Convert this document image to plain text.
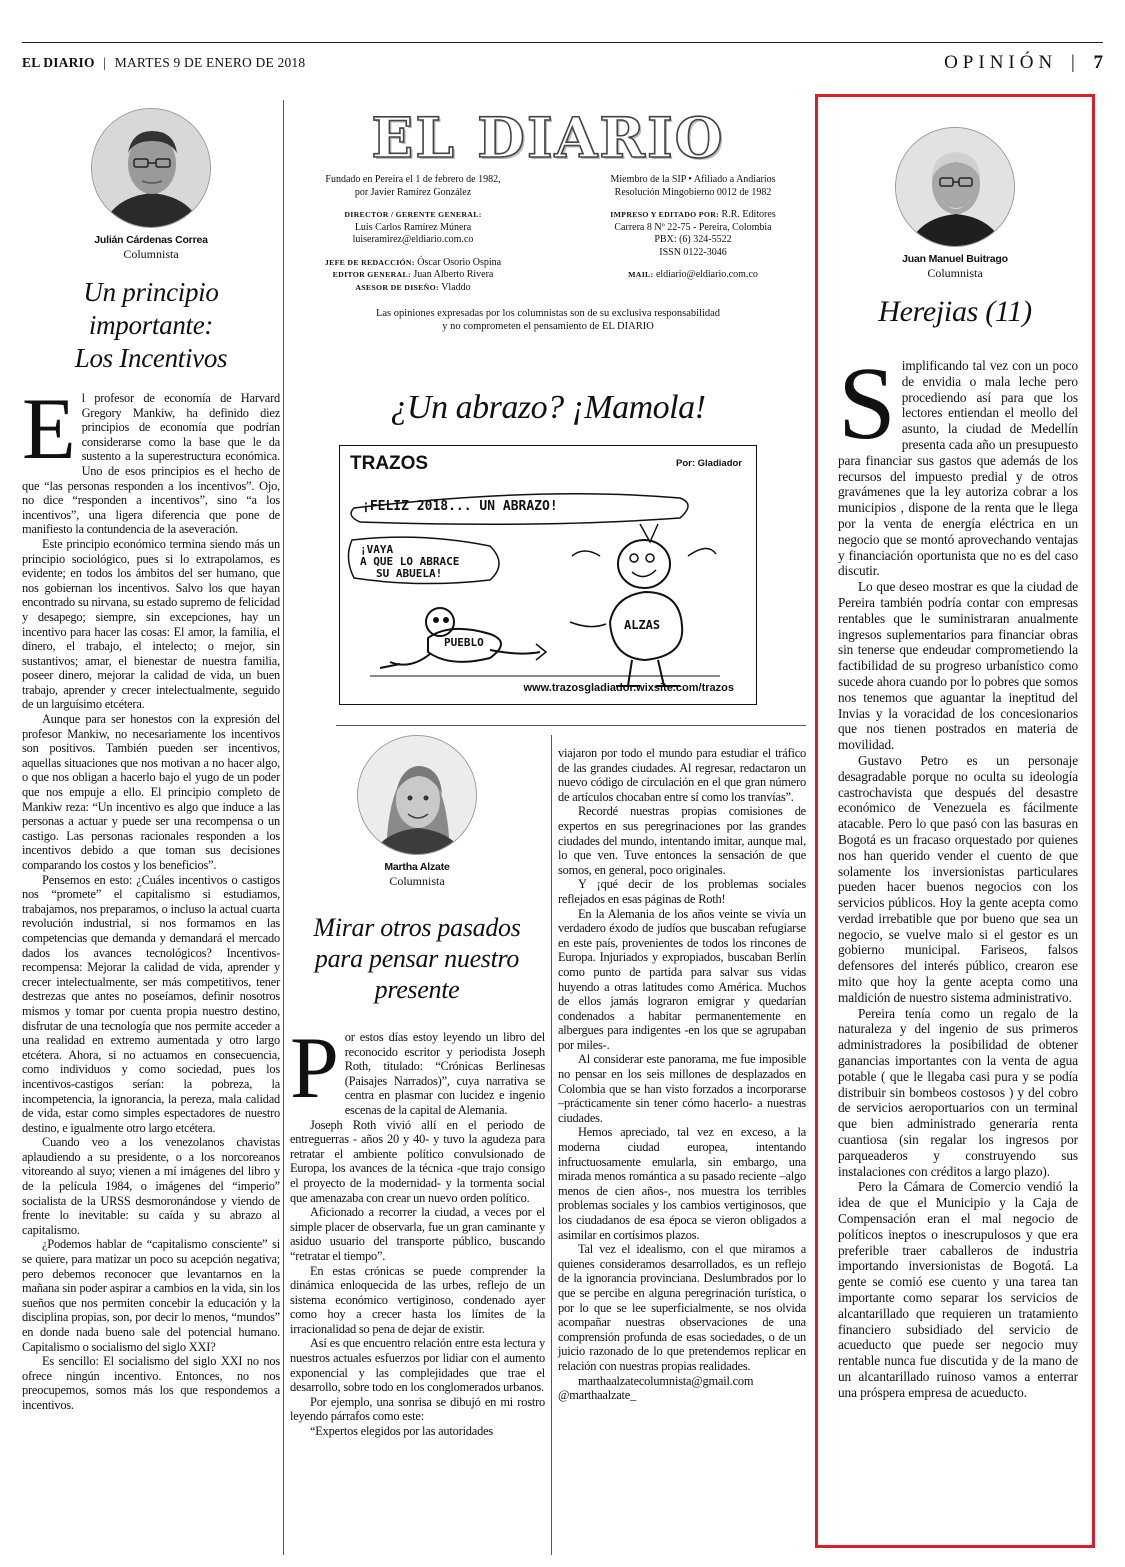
EL DIARIO | MARTES 9 DE ENERO DE 2018	OPINIÓN | 7
Julián Cárdenas Correa
Columnista
Un principio importante:
Los Incentivos
E l profesor de economía de Harvard Gregory Mankiw, ha definido diez principios de economía que podrían considerarse como la base que le da sustento a la superestructura económica. Uno de esos principios es el hecho de que “las personas responden a los incentivos”. Ojo, no dice “responden a incentivos”, sino “a los incentivos”, una ligera diferencia que pone de manifiesto la contundencia de la aseveración.

Este principio económico termina siendo más un principio sociológico, pues si lo extrapolamos, es evidente; en todos los ámbitos del ser humano, que nos gobiernan los incentivos. Salvo los que hayan encontrado su nirvana, su estado supremo de felicidad y desapego; siempre, sin excepciones, hay un incentivo para hacer las cosas: El amor, la familia, el dinero, el trabajo, el intelecto; o mejor, sin sustantivos; amar, el bienestar de nuestra familia, poseer dinero, mejorar la calidad de vida, un buen trabajo, aprender y crecer intelectualmente, seguido de un larguísimo etcétera.

Aunque para ser honestos con la expresión del profesor Mankiw, no necesariamente los incentivos son positivos. También pueden ser incentivos, aquellas situaciones que nos motivan a no hacer algo, o que nos obligan a hacerlo bajo el yugo de un poder que nos empuje a ello. El principio completo de Mankiw reza: “Un incentivo es algo que induce a las personas a actuar y puede ser una recompensa o un castigo. Las personas racionales responden a los incentivos debido a que toman sus decisiones comparando los costos y los beneficios”.

Pensemos en esto: ¿Cuáles incentivos o castigos nos “promete” el capitalismo si estudiamos, trabajamos, nos preparamos, o incluso la actual cuarta revolución industrial, si nos formamos en las competencias que demanda y demandará el mercado dados los avances tecnológicos? Incentivos-recompensa: Mejorar la calidad de vida, aprender y crecer intelectualmente, ser más competitivos, tener destrezas que antes no poseíamos, definir nosotros mismos y tomar por cuenta propia nuestro destino, disfrutar de una tecnología que nos permite acceder a una realidad en extremo aumentada y otro largo etcétera. Ahora, si no actuamos en consecuencia, como individuos y como sociedad, pues los incentivos-castigos serían: la pobreza, la incompetencia, la ignorancia, la pereza, mala calidad de vida, estar como simples espectadores de nuestro destino, e igualmente otro largo etcétera.

Cuando veo a los venezolanos chavistas aplaudiendo a su presidente, o a los norcoreanos vitoreando al suyo; vienen a mí imágenes del libro y de la película 1984, o imágenes del “imperio” socialista de la URSS desmoronándose y viendo de frente lo inevitable: su caída y su abrazo al capitalismo.

¿Podemos hablar de “capitalismo consciente” si se quiere, para matizar un poco su acepción negativa; pero debemos reconocer que levantarnos en la mañana sin poder aspirar a cambios en la vida, sin los sueños que nos permiten concebir la educación y la disciplina propias, son, por decir lo menos, “mundos” en donde nada bueno sale del potencial humano. Capitalismo o socialismo del siglo XXI?

Es sencillo: El socialismo del siglo XXI no nos ofrece ningún incentivo. Entonces, no nos preocupemos, somos más los que respondemos a incentivos.

EL DIARIO
Fundado en Pereira el 1 de febrero de 1982,
por Javier Ramírez González
DIRECTOR / GERENTE GENERAL:
Luis Carlos Ramírez Múnera
luiseramirez@eldiario.com.co
JEFE DE REDACCIÓN: Óscar Osorio Ospina
EDITOR GENERAL: Juan Alberto Rivera
ASESOR DE DISEÑO: Vladdo
Miembro de la SIP • Afiliado a Andiarios
Resolución Mingobierno 0012 de 1982
IMPRESO Y EDITADO POR: R.R. Editores
Carrera 8 Nº 22-75 - Pereira, Colombia
PBX: (6) 324-5522
ISSN 0122-3046
MAIL: eldiario@eldiario.com.co
Las opiniones expresadas por los columnistas son de su exclusiva responsabilidad
y no comprometen el pensamiento de EL DIARIO
¿Un abrazo? ¡Mamola!
TRAZOS	Por: Gladiador
¡FELIZ 2018... UN ABRAZO!
¡VAYA
A QUE LO ABRACE
SU ABUELA!
PUEBLO
ALZAS
www.trazosgladiador.wixsite.com/trazos
Martha Alzate
Columnista
Mirar otros pasados
para pensar nuestro
presente
P or estos días estoy leyendo un libro del reconocido escritor y periodista Joseph Roth, titulado: “Crónicas Berlinesas (Paisajes Narrados)”, cuya narrativa se centra en plasmar con lucidez e ingenio escenas de la capital de Alemania.

Joseph Roth vivió allí en el periodo de entreguerras - años 20 y 40- y tuvo la agudeza para retratar el ambiente político convulsionado de Europa, los avances de la técnica -que trajo consigo el proyecto de la modernidad- y la tormenta social que amenazaba con crear un nuevo orden político.

Aficionado a recorrer la ciudad, a veces por el simple placer de observarla, fue un gran caminante y asiduo usuario del transporte público, buscando “retratar el tiempo”.

En estas crónicas se puede comprender la dinámica enloquecida de las urbes, reflejo de un sistema económico vertiginoso, condenado ayer como hoy a crecer hasta los límites de la irracionalidad so pena de dejar de existir.

Así es que encuentro relación entre esta lectura y nuestros actuales esfuerzos por lidiar con el aumento exponencial y las complejidades que trae el desarrollo, sobre todo en los conglomerados urbanos.

Por ejemplo, una sonrisa se dibujó en mi rostro leyendo párrafos como este:

“Expertos elegidos por las autoridades

viajaron por todo el mundo para estudiar el tráfico de las grandes ciudades. Al regresar, redactaron un nuevo código de circulación en el que gran número de artículos chocaban entre sí como los tranvías”.

Recordé nuestras propias comisiones de expertos en sus peregrinaciones por las grandes ciudades del mundo, intentando imitar, aunque mal, lo que ven. Tuve entonces la sensación de que somos, en general, poco originales.

Y ¡qué decir de los problemas sociales reflejados en esas páginas de Roth!

En la Alemania de los años veinte se vivía un verdadero éxodo de judíos que buscaban refugiarse en este país, provenientes de todos los rincones de Europa. Injuriados y expropiados, buscaban Berlín como punto de partida para salvar sus vidas huyendo a otras latitudes como América. Muchos de ellos jamás lograron emigrar y quedarían condenados a habitar permanentemente en albergues para indigentes -en los que se agrupaban por miles-.

Al considerar este panorama, me fue imposible no pensar en los seis millones de desplazados en Colombia que se han visto forzados a incorporarse –prácticamente sin tener cómo hacerlo- a nuestras ciudades.

Hemos apreciado, tal vez en exceso, a la moderna ciudad europea, intentando infructuosamente emularla, sin embargo, una mirada menos romántica a su pasado reciente –algo menos de cien años-, nos muestra los terribles problemas sociales y los cambios vertiginosos, que los ciudadanos de esa época se vieron obligados a asimilar en cortísimos plazos.

Tal vez el idealismo, con el que miramos a quienes consideramos desarrollados, es un reflejo de la ignorancia provinciana. Deslumbrados por lo que se percibe en alguna peregrinación turística, o por lo que se lee superficialmente, se nos olvida acompañar nuestras observaciones de una comprensión profunda de esas sociedades, o de un juicio razonado de lo que pretendemos replicar en relación con nuestras propias realidades.

marthaalzatecolumnista@gmail.com @marthaalzate_

Juan Manuel Buitrago
Columnista
Herejias (11)
S implificando tal vez con un poco de envidia o mala leche pero procediendo así para que los lectores entiendan el meollo del asunto, la ciudad de Medellín presenta cada año un presupuesto para financiar sus gastos que además de los recursos del impuesto predial y de otros gravámenes que la ley autoriza cobrar a los municipios , dispone de la renta que le llega por la venta de energía eléctrica en un negocio que se montó aprovechando ventajas y financiación oportunista que no es del caso discutir.

Lo que deseo mostrar es que la ciudad de Pereira también podría contar con empresas rentables que le suministraran anualmente ingresos suplementarios para financiar obras sin tenerse que endeudar comprometiendo la factibilidad de su progreso urbanístico como sucede ahora cuando por lo pobres que somos nos tenemos que aguantar la ineptitud del Invias y la voracidad de los concesionarios que nos tienen postrados en materia de movilidad.

Gustavo Petro es un personaje desagradable porque no oculta su ideología castrochavista que después del desastre económico de Venezuela es fácilmente atacable. Pero lo que pasó con las basuras en Bogotá es un fracaso orquestado por quienes nos han querido vender el cuento de que solamente los inversionistas particulares pueden hacer buenos negocios con los servicios públicos. Hoy la gente acepta como verdad irrebatible que por bueno que sea un negocio, se vuelve malo si el gestor es un gobierno municipal. Fariseos, falsos defensores del interés público, crearon ese mito que hoy la gente acepta como una maldición de nuestro sistema administrativo.

Pereira tenía como un regalo de la naturaleza y del ingenio de sus primeros administradores la posibilidad de obtener ganancias importantes con la venta de agua potable ( que le llegaba casi pura y se podía distribuir sin bombeos costosos ) y del cobro de servicios aeroportuarios con un terminal que bien administrado generaría renta cuantiosa (sin regalar los ingresos por parqueaderos y construyendo sus instalaciones con créditos a largo plazo).

Pero la Cámara de Comercio vendió la idea de que el Municipio y la Caja de Compensación eran el mal negocio de políticos ineptos o inescrupulosos y que era preferible traer caballeros de industria importando inversionistas de Bogotá. La gente se comió ese cuento y una tarea tan importante como separar los servicios de alcantarillado que requieren un tratamiento financiero subsidiado del servicio de acueducto que puede ser negocio muy rentable nunca fue discutida y de la mano de un alcantarillado ruinoso vamos a enterrar una próspera empresa de acueducto.
